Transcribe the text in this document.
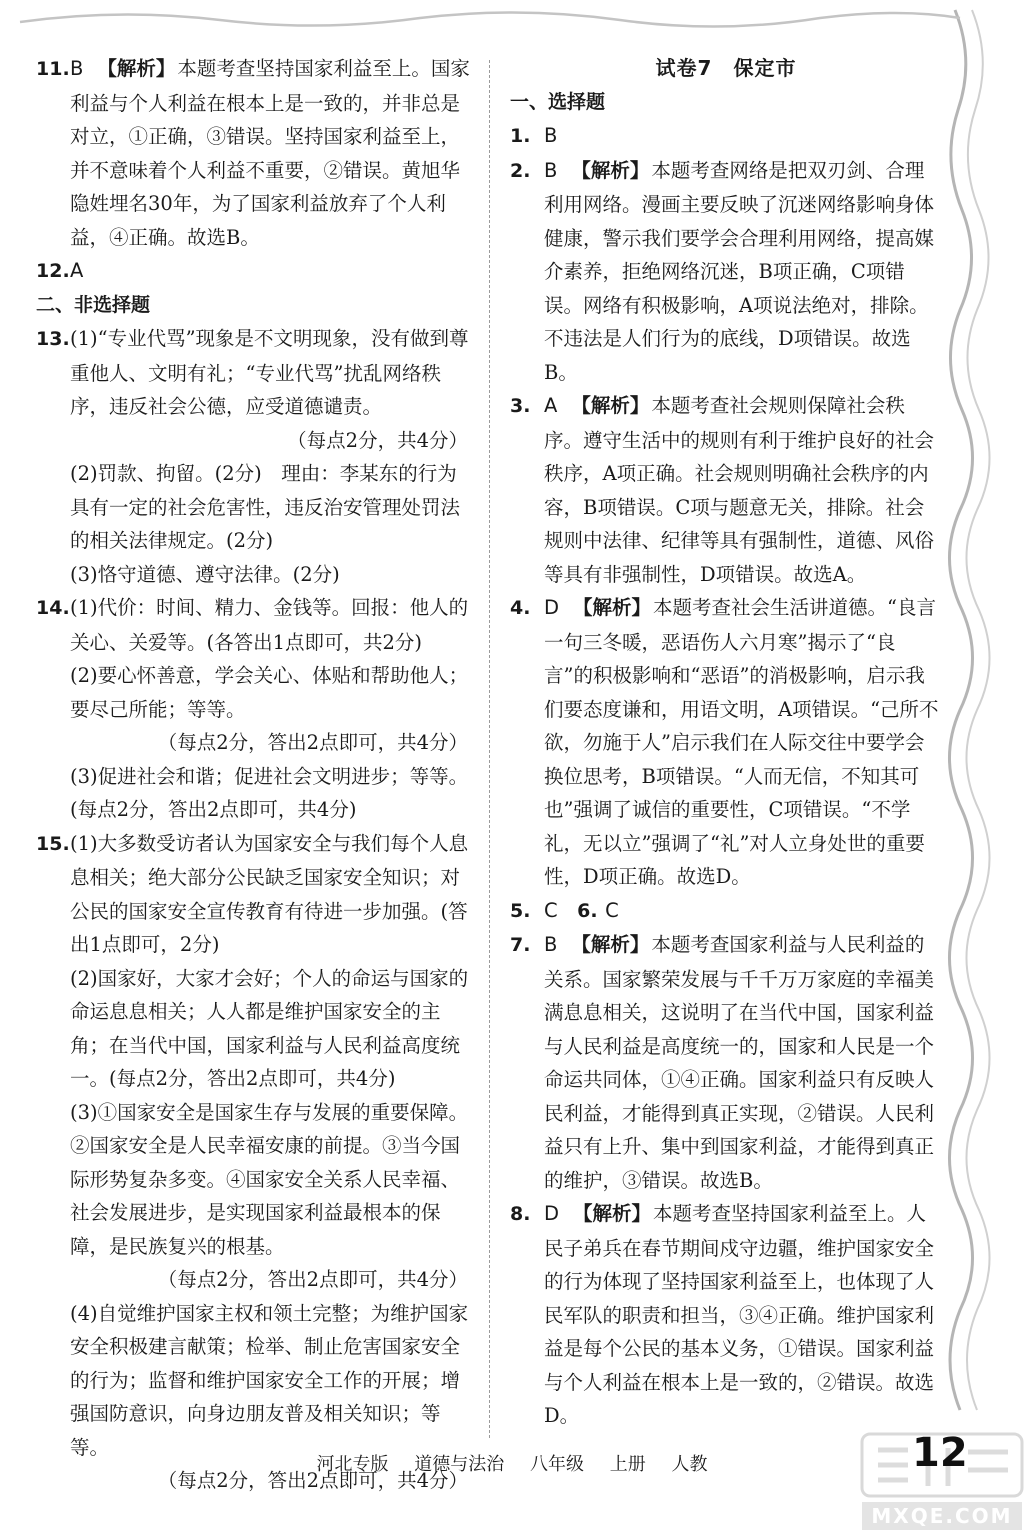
11.B 【解析】 本题考查坚持国家利益至上。国家利益与个人利益在根本上是一致的，并非总是对立，①正确，③错误。坚持国家利益至上，并不意味着个人利益不重要，②错误。黄旭华隐姓埋名30年，为了国家利益放弃了个人利益，④正确。故选B。

12.A

二、非选择题

13.(1)“专业代骂”现象是不文明现象，没有做到尊重他人、文明有礼；“专业代骂”扰乱网络秩序，违反社会公德，应受道德谴责。

（每点2分，共4分）

(2)罚款、拘留。(2分)　理由：李某东的行为具有一定的社会危害性，违反治安管理处罚法的相关法律规定。(2分)

(3)恪守道德、遵守法律。(2分)

14.(1)代价：时间、精力、金钱等。回报：他人的关心、关爱等。(各答出1点即可，共2分)

(2)要心怀善意，学会关心、体贴和帮助他人；要尽己所能；等等。

（每点2分，答出2点即可，共4分）

(3)促进社会和谐；促进社会文明进步；等等。(每点2分，答出2点即可，共4分)

15.(1)大多数受访者认为国家安全与我们每个人息息相关；绝大部分公民缺乏国家安全知识；对公民的国家安全宣传教育有待进一步加强。(答出1点即可，2分)

(2)国家好，大家才会好；个人的命运与国家的命运息息相关；人人都是维护国家安全的主角；在当代中国，国家利益与人民利益高度统一。(每点2分，答出2点即可，共4分)

(3)①国家安全是国家生存与发展的重要保障。②国家安全是人民幸福安康的前提。③当今国际形势复杂多变。④国家安全关系人民幸福、社会发展进步，是实现国家利益最根本的保障，是民族复兴的根基。

（每点2分，答出2点即可，共4分）

(4)自觉维护国家主权和领土完整；为维护国家安全积极建言献策；检举、制止危害国家安全的行为；监督和维护国家安全工作的开展；增强国防意识，向身边朋友普及相关知识；等等。

（每点2分，答出2点即可，共4分）

试卷7　保定市

一、选择题

1. B

2. B 【解析】 本题考查网络是把双刃剑、合理利用网络。漫画主要反映了沉迷网络影响身体健康，警示我们要学会合理利用网络，提高媒介素养，拒绝网络沉迷，B项正确，C项错误。网络有积极影响，A项说法绝对，排除。不违法是人们行为的底线，D项错误。故选B。

3. A 【解析】 本题考查社会规则保障社会秩序。遵守生活中的规则有利于维护良好的社会秩序，A项正确。社会规则明确社会秩序的内容，B项错误。C项与题意无关，排除。社会规则中法律、纪律等具有强制性，道德、风俗等具有非强制性，D项错误。故选A。

4. D 【解析】 本题考查社会生活讲道德。“良言一句三冬暖，恶语伤人六月寒”揭示了“良言”的积极影响和“恶语”的消极影响，启示我们要态度谦和，用语文明，A项错误。“己所不欲，勿施于人”启示我们在人际交往中要学会换位思考，B项错误。“人而无信，不知其可也”强调了诚信的重要性，C项错误。“不学礼，无以立”强调了“礼”对人立身处世的重要性，D项正确。故选D。

5. C　 6. C

7. B 【解析】 本题考查国家利益与人民利益的关系。国家繁荣发展与千千万万家庭的幸福美满息息相关，这说明了在当代中国，国家利益与人民利益是高度统一的，国家和人民是一个命运共同体，①④正确。国家利益只有反映人民利益，才能得到真正实现，②错误。人民利益只有上升、集中到国家利益，才能得到真正的维护，③错误。故选B。

8. D 【解析】 本题考查坚持国家利益至上。人民子弟兵在春节期间戍守边疆，维护国家安全的行为体现了坚持国家利益至上，也体现了人民军队的职责和担当，③④正确。维护国家利益是每个公民的基本义务，①错误。国家利益与个人利益在根本上是一致的，②错误。故选D。

河北专版 道德与法治 八年级 上册 人教
MXQE.COM
12
